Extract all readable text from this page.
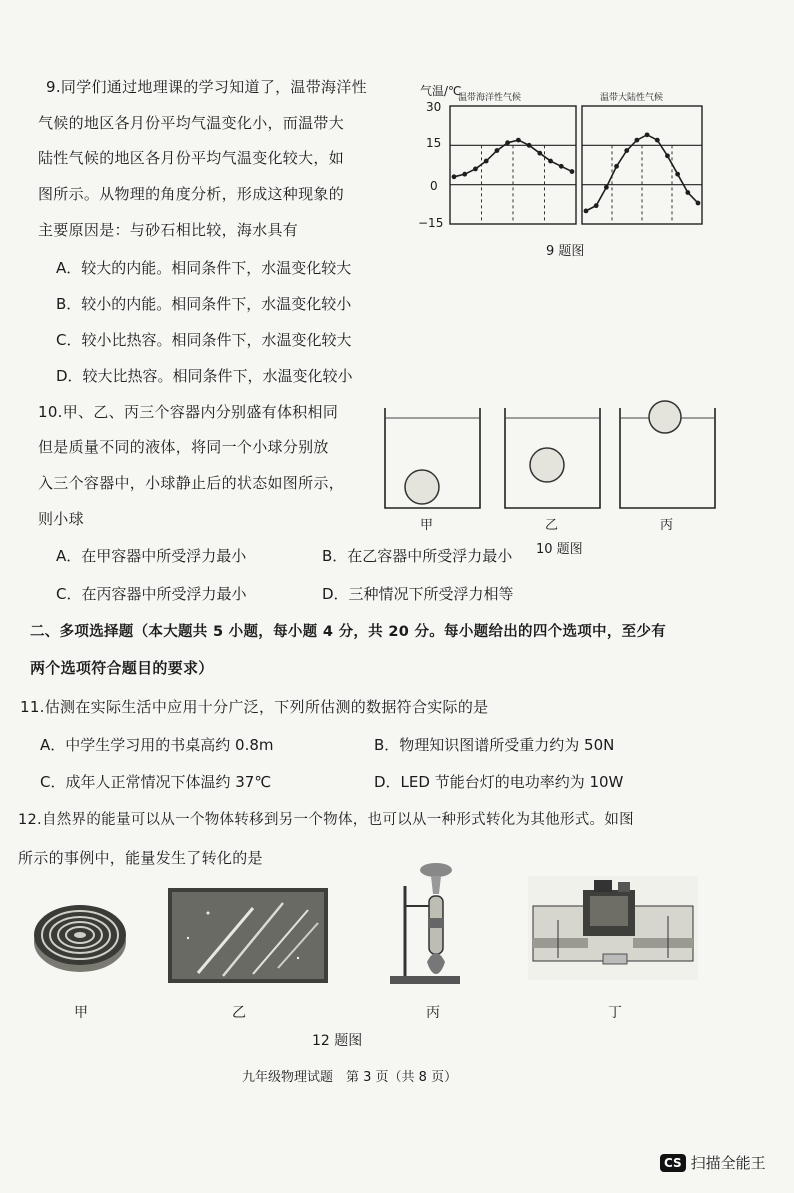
9.同学们通过地理课的学习知道了，温带海洋性
气候的地区各月份平均气温变化小，而温带大
陆性气候的地区各月份平均气温变化较大，如
图所示。从物理的角度分析，形成这种现象的
主要原因是：与砂石相比较，海水具有
A．较大的内能。相同条件下，水温变化较大
B．较小的内能。相同条件下，水温变化较小
C．较小比热容。相同条件下，水温变化较大
D．较大比热容。相同条件下，水温变化较小
气温/℃
温带海洋性气候	温带大陆性气候
30
15
0
−15
9 题图
10.甲、乙、丙三个容器内分别盛有体积相同
但是质量不同的液体，将同一个小球分别放
入三个容器中，小球静止后的状态如图所示，
则小球	甲	乙	丙
A．在甲容器中所受浮力最小	B．在乙容器中所受浮力最小 10 题图
C．在丙容器中所受浮力最小	D．三种情况下所受浮力相等
二、多项选择题（本大题共 5 小题，每小题 4 分，共 20 分。每小题给出的四个选项中，至少有
两个选项符合题目的要求）
11.估测在实际生活中应用十分广泛，下列所估测的数据符合实际的是
A．中学生学习用的书桌高约 0.8m	B．物理知识图谱所受重力约为 50N
C．成年人正常情况下体温约 37℃	D．LED 节能台灯的电功率约为 10W
12.自然界的能量可以从一个物体转移到另一个物体，也可以从一种形式转化为其他形式。如图
所示的事例中，能量发生了转化的是
甲	乙	丙	丁
12 题图
九年级物理试题　第 3 页（共 8 页）
CS 扫描全能王
